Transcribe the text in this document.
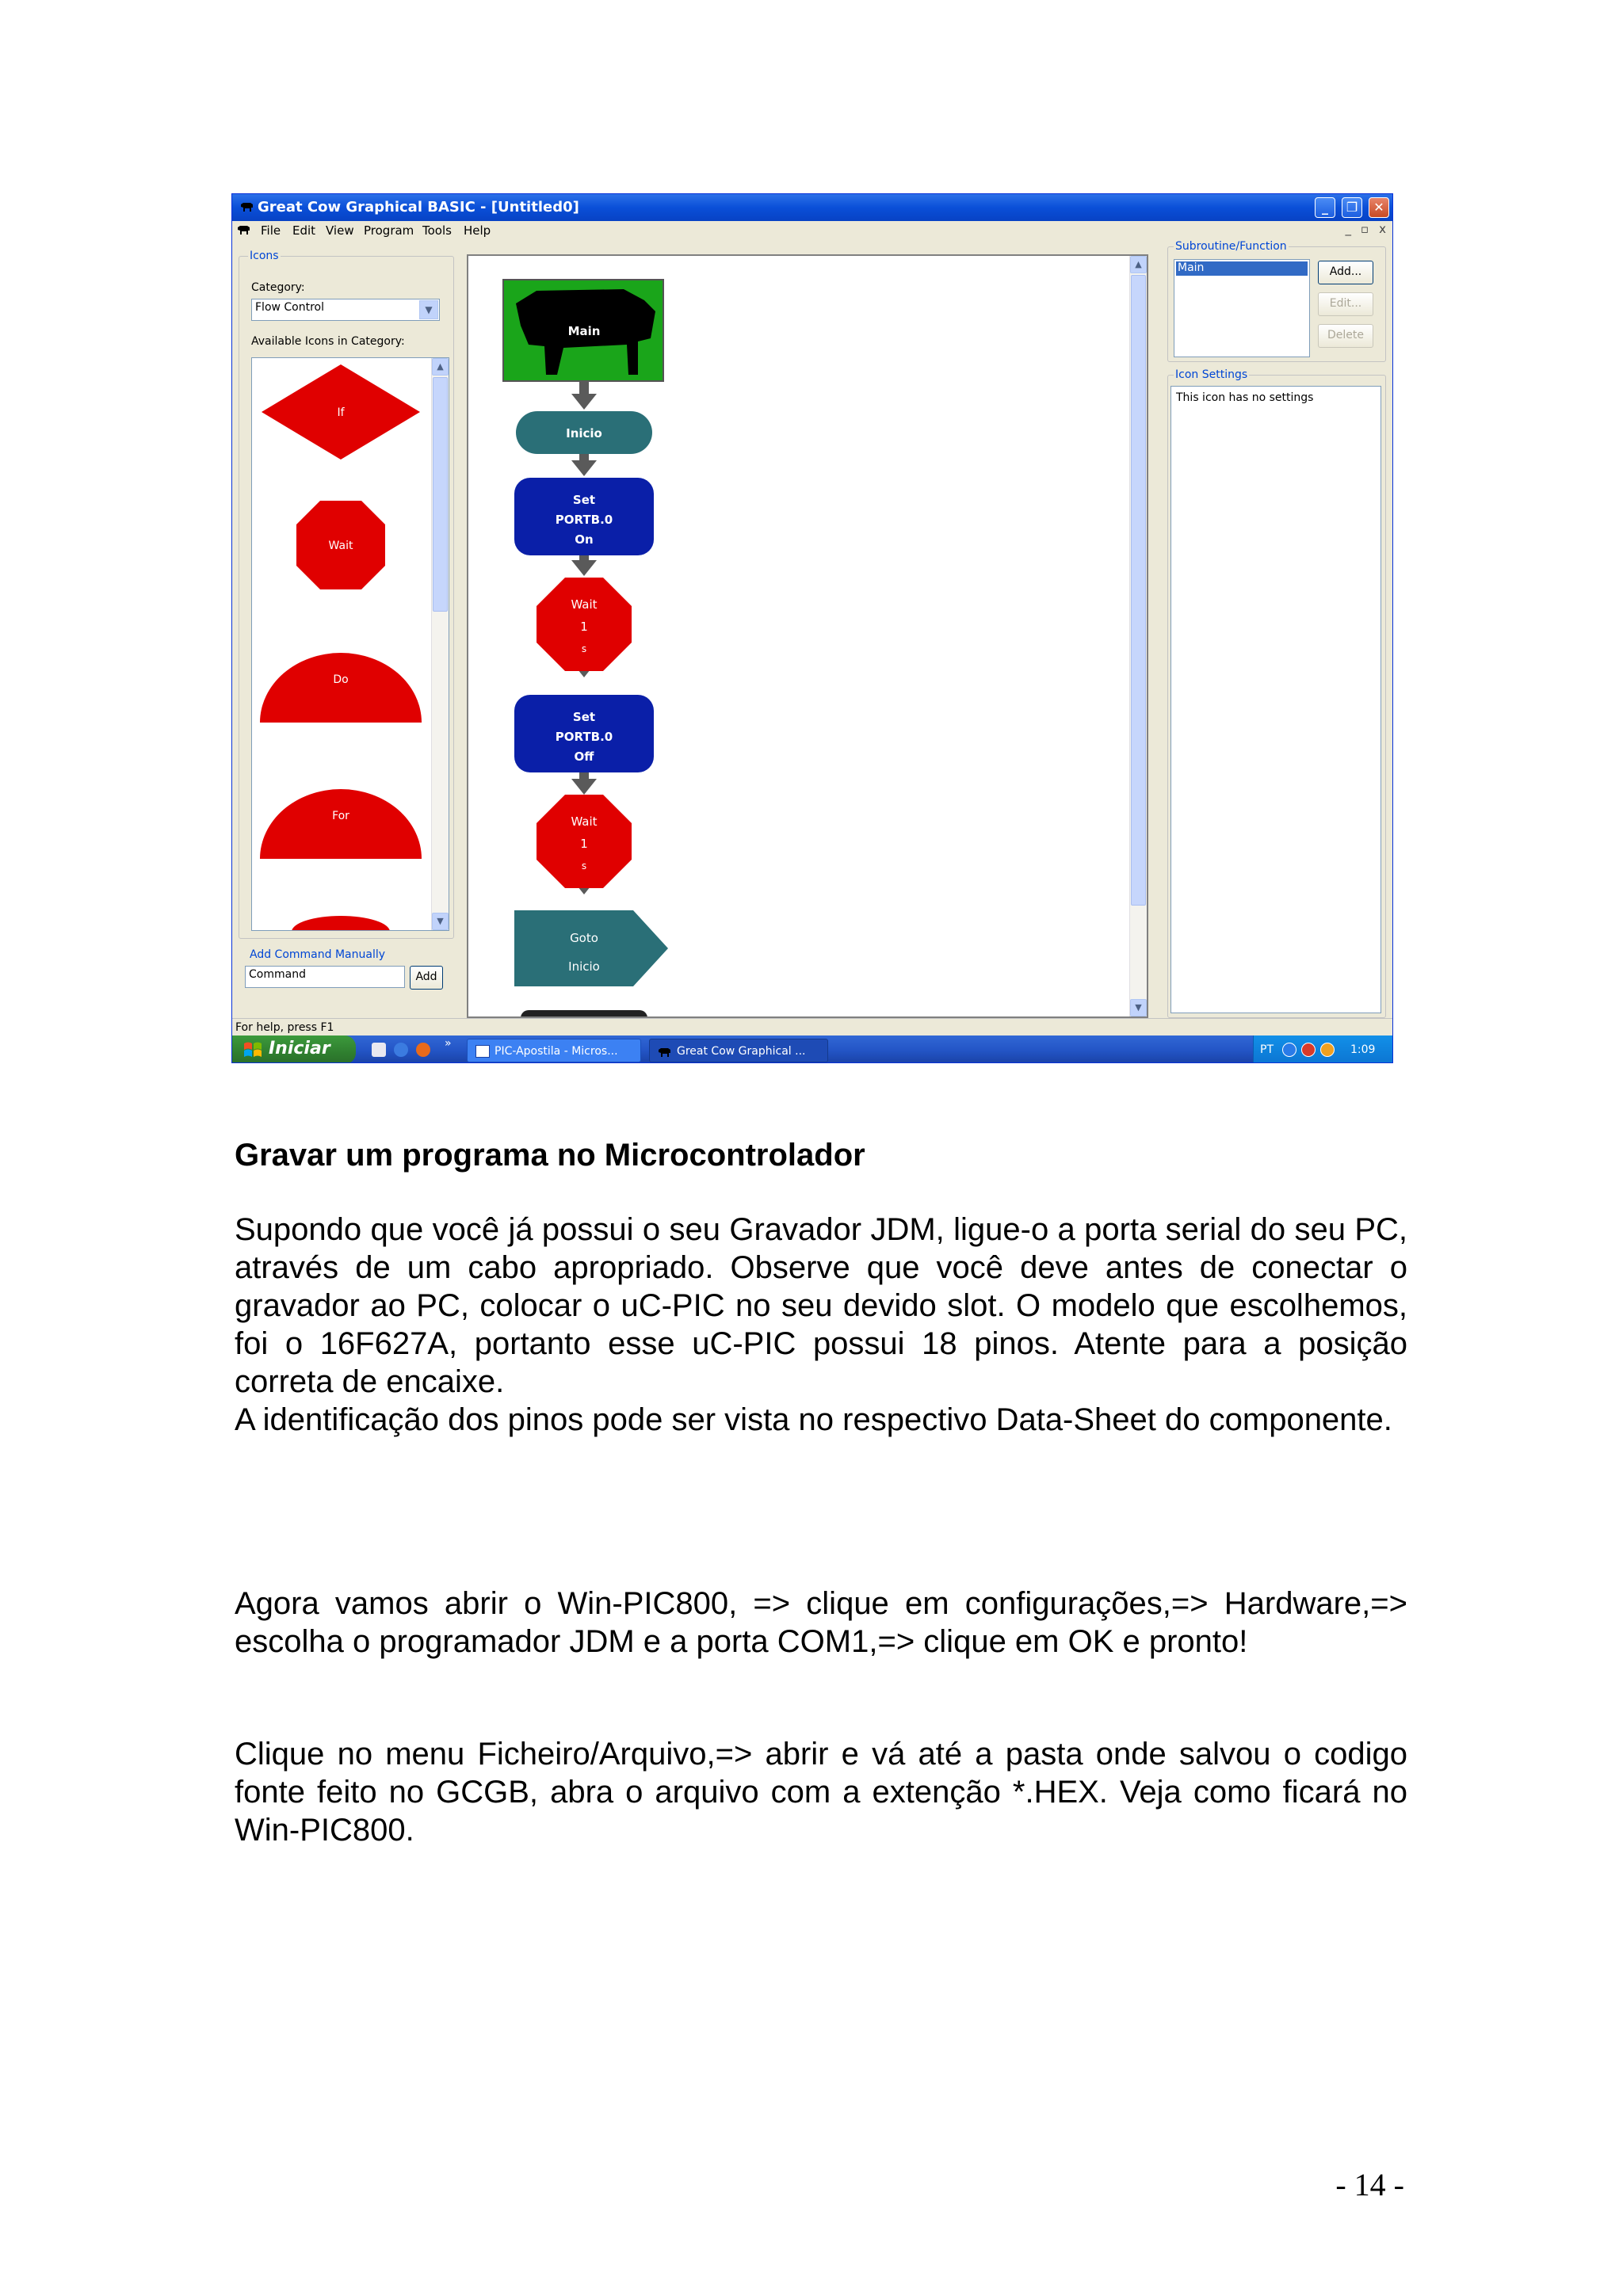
Great Cow Graphical BASIC - [Untitled0]	_	❐	✕
File Edit View Program Tools Help	_ ▫ x
Icons
Category:
Flow Control	▼
Available Icons in Category:
If
Wait
Do
For
▲
▼
Add Command Manually
Command	Add
Main
Inicio
Set
PORTB.0
On
Wait
1
s
Set
PORTB.0
Off
Wait
1
s
Goto
Inicio
▲
▼
Subroutine/Function
Main	Add...
Edit...
Delete
Icon Settings
This icon has no settings
For help, press F1
Iniciar	»
PIC-Apostila - Micros...	Great Cow Graphical ...	PT	1:09
Gravar um programa no Microcontrolador

Supondo que você já possui o seu Gravador JDM, ligue-o a porta serial do seu PC, através de um cabo apropriado. Observe que você deve antes de conectar o gravador ao PC, colocar o uC-PIC no seu devido slot. O modelo que escolhemos, foi o 16F627A, portanto esse uC-PIC possui 18 pinos. Atente para a posição correta de encaixe.

A identificação dos pinos pode ser vista no respectivo Data-Sheet do componente.

Agora vamos abrir o Win-PIC800, => clique em configurações,=> Hardware,=> escolha o programador JDM e a porta COM1,=> clique em OK e pronto!
Clique no menu Ficheiro/Arquivo,=> abrir e vá até a pasta onde salvou o codigo fonte feito no GCGB, abra o arquivo com a extenção *.HEX. Veja como ficará no Win-PIC800.
- 14 -
